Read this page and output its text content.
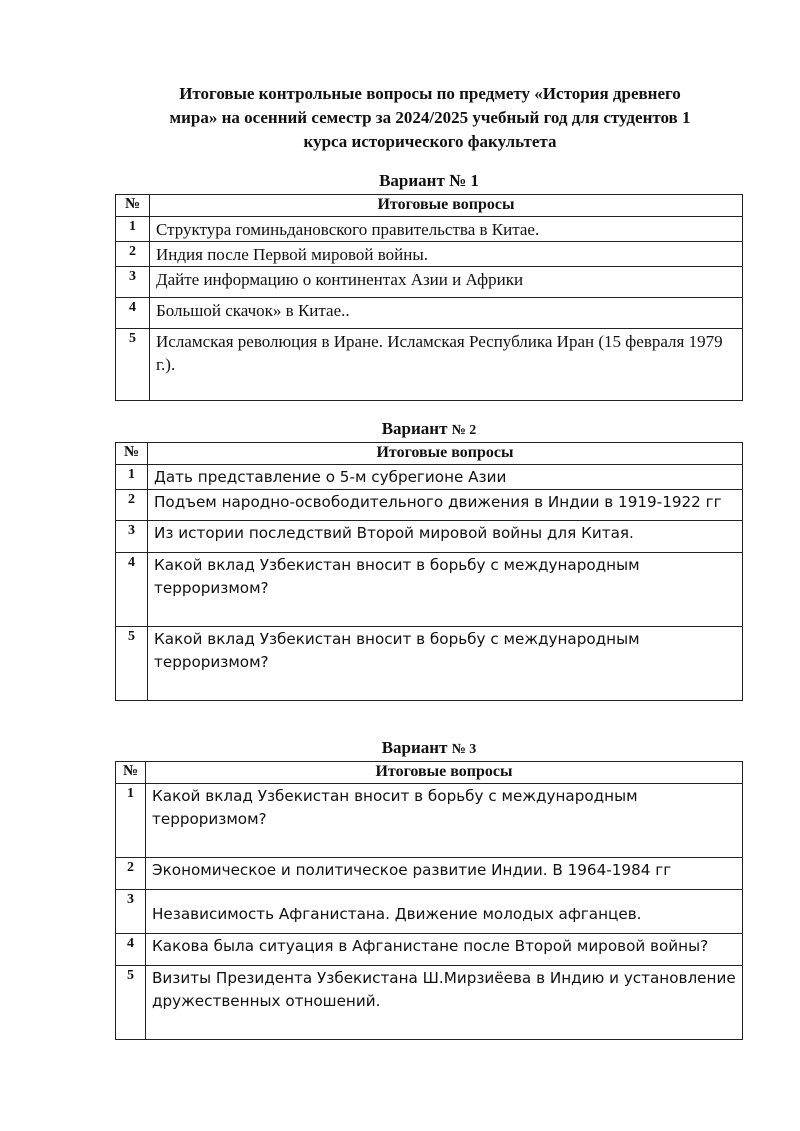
Итоговые контрольные вопросы по предмету «История древнего
мира» на осенний семестр за 2024/2025 учебный год для студентов 1
курса исторического факультета
Вариант № 1
№	Итоговые вопросы
1	Структура гоминьдановского правительства в Китае.
2	Индия после Первой мировой войны.
3	Дайте информацию о континентах Азии и Африки
4	Большой скачок» в Китае..
5	Исламская революция в Иране. Исламская Республика Иран (15 февраля 1979 г.).
Вариант № 2
№	Итоговые вопросы
1	Дать представление о 5-м субрегионе Азии
2	Подъем народно-освободительного движения в Индии в 1919-1922 гг
3	Из истории последствий Второй мировой войны для Китая.
4	Какой вклад Узбекистан вносит в борьбу с международным терроризмом?
5	Какой вклад Узбекистан вносит в борьбу с международным терроризмом?
Вариант № 3
№	Итоговые вопросы
1	Какой вклад Узбекистан вносит в борьбу с международным терроризмом?
2	Экономическое и политическое развитие Индии. В 1964-1984 гг
3	Независимость Афганистана. Движение молодых афганцев.
4	Какова была ситуация в Афганистане после Второй мировой войны?
5	Визиты Президента Узбекистана Ш.Мирзиёева в Индию и установление дружественных отношений.
